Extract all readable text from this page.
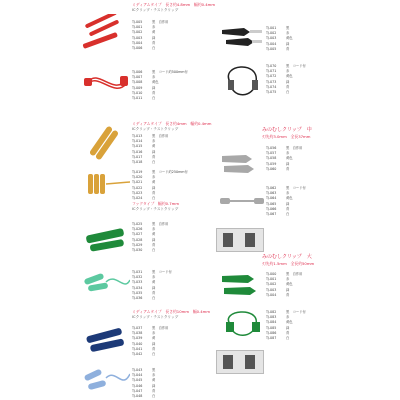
ミディアムタイプ　長さ約4.8mm　幅約0.4mm
ICクリップ・テストクリップ
TJ-005	黒　自作用
TJ-001	赤
TJ-002	黄
TJ-003	緑
TJ-004	青
TJ-006	白
TJ-006	黒　コード約500mm付
TJ-007	赤
TJ-008	黄色
TJ-009	緑
TJ-010	青
TJ-011	白
ミディアムタイプ　長さ約4mm　幅約0.4mm
ICクリップ・テストクリップ
TJ-013	黒　自作用
TJ-014	赤
TJ-015	黄
TJ-016	緑
TJ-017	青
TJ-018	白
TJ-019	黒　コード約250mm付
TJ-020	赤
TJ-021	黄
TJ-022	緑
TJ-023	青
TJ-024	白
フックタイプ　幅約0.7mm
ICクリップ・テストクリップ
TJ-025	黒　自作用
TJ-026	赤
TJ-027	黄
TJ-028	緑
TJ-029	青
TJ-030	白
TJ-031	黒　コード付
TJ-032	赤
TJ-033	黄
TJ-034	緑
TJ-035	青
TJ-036	白
ミディアムタイプ　長さ約10mm　幅0.4mm
ICクリップ・テストクリップ
TJ-037	黒　自作用
TJ-038	赤
TJ-039	黄
TJ-040	緑
TJ-041	青
TJ-042	白
TJ-043	黒
TJ-044	赤
TJ-045	黄
TJ-046	緑
TJ-047	青
TJ-048	白
TJ-001	黒
TJ-002	赤
TJ-003	黄色
TJ-004	緑
TJ-005	青
TJ-070	黒　コード付
TJ-071	赤
TJ-072	黄色
TJ-073	緑
TJ-074	青
TJ-075	白
みのむしクリップ　中
刃先約3.0mm　全長37mm
TJ-056	黒　自作用
TJ-057	赤
TJ-058	黄色
TJ-059	緑
TJ-060	青
TJ-062	黒　コード付
TJ-063	赤
TJ-064	黄色
TJ-065	緑
TJ-066	青
TJ-067	白
みのむしクリップ　大
刃先約1.5mm　全長約50mm
TJ-000	黒　自作用
TJ-001	赤
TJ-002	黄色
TJ-003	緑
TJ-004	青
TJ-082	黒　コード付
TJ-083	赤
TJ-084	黄色
TJ-085	緑
TJ-086	青
TJ-087	白
